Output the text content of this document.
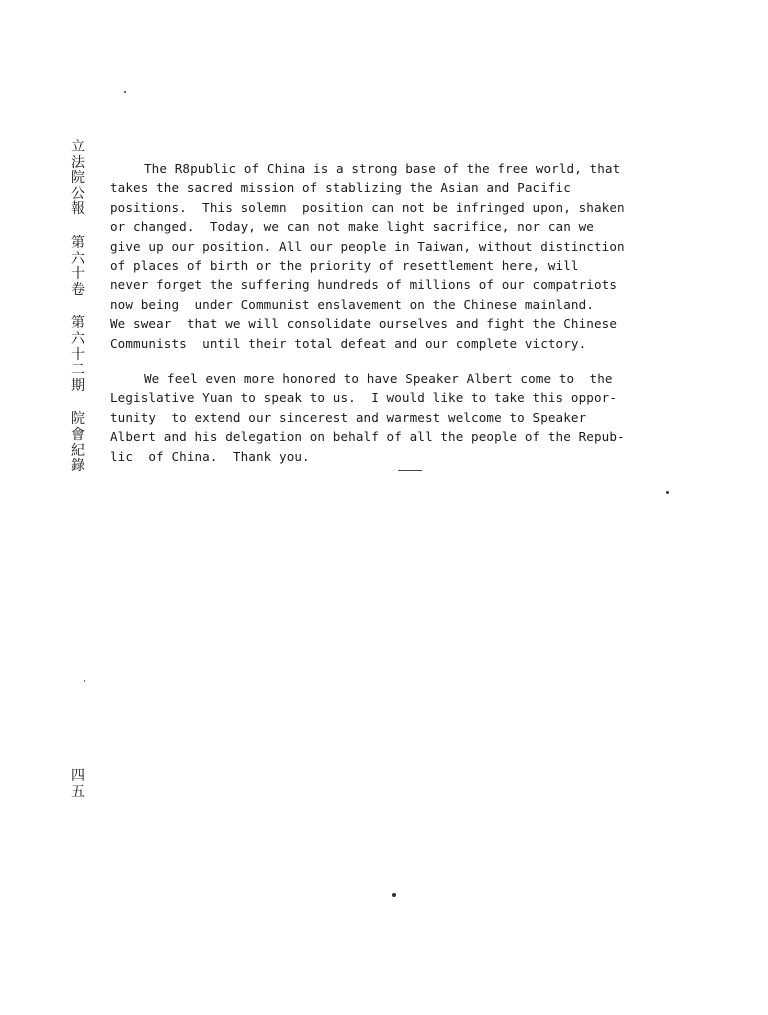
立
法
院
公
報
第
六
十
卷
第
六
十
二
期
院
會
紀
錄

The R8public of China is a strong base of the free world, that
takes the sacred mission of stablizing the Asian and Pacific
positions.  This solemn  position can not be infringed upon, shaken
or changed.  Today, we can not make light sacrifice, nor can we
give up our position. All our people in Taiwan, without distinction
of places of birth or the priority of resettlement here, will
never forget the suffering hundreds of millions of our compatriots
now being  under Communist enslavement on the Chinese mainland.
We swear  that we will consolidate ourselves and fight the Chinese
Communists  until their total defeat and our complete victory.

We feel even more honored to have Speaker Albert come to  the
Legislative Yuan to speak to us.  I would like to take this oppor-
tunity  to extend our sincerest and warmest welcome to Speaker
Albert and his delegation on behalf of all the people of the Repub-
lic  of China.  Thank you.

四
五
